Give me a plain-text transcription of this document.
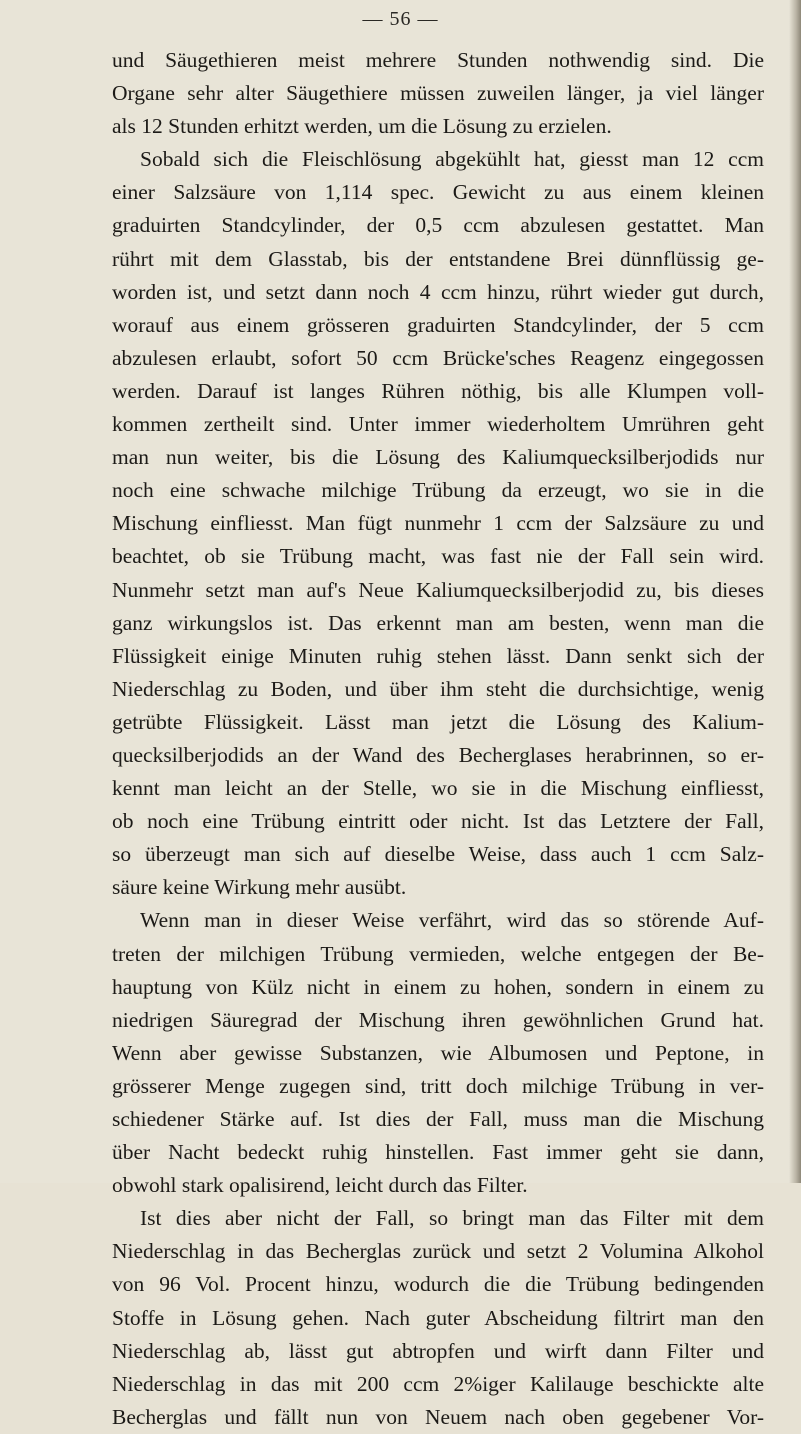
— 56 —
und Säugethieren meist mehrere Stunden nothwendig sind. Die
Organe sehr alter Säugethiere müssen zuweilen länger, ja viel länger
als 12 Stunden erhitzt werden, um die Lösung zu erzielen.
Sobald sich die Fleischlösung abgekühlt hat, giesst man 12 ccm
einer Salzsäure von 1,114 spec. Gewicht zu aus einem kleinen
graduirten Standcylinder, der 0,5 ccm abzulesen gestattet. Man
rührt mit dem Glasstab, bis der entstandene Brei dünnflüssig ge-
worden ist, und setzt dann noch 4 ccm hinzu, rührt wieder gut durch,
worauf aus einem grösseren graduirten Standcylinder, der 5 ccm
abzulesen erlaubt, sofort 50 ccm Brücke'sches Reagenz eingegossen
werden. Darauf ist langes Rühren nöthig, bis alle Klumpen voll-
kommen zertheilt sind. Unter immer wiederholtem Umrühren geht
man nun weiter, bis die Lösung des Kaliumquecksilberjodids nur
noch eine schwache milchige Trübung da erzeugt, wo sie in die
Mischung einfliesst. Man fügt nunmehr 1 ccm der Salzsäure zu und
beachtet, ob sie Trübung macht, was fast nie der Fall sein wird.
Nunmehr setzt man auf's Neue Kaliumquecksilberjodid zu, bis dieses
ganz wirkungslos ist. Das erkennt man am besten, wenn man die
Flüssigkeit einige Minuten ruhig stehen lässt. Dann senkt sich der
Niederschlag zu Boden, und über ihm steht die durchsichtige, wenig
getrübte Flüssigkeit. Lässt man jetzt die Lösung des Kalium-
quecksilberjodids an der Wand des Becherglases herabrinnen, so er-
kennt man leicht an der Stelle, wo sie in die Mischung einfliesst,
ob noch eine Trübung eintritt oder nicht. Ist das Letztere der Fall,
so überzeugt man sich auf dieselbe Weise, dass auch 1 ccm Salz-
säure keine Wirkung mehr ausübt.
Wenn man in dieser Weise verfährt, wird das so störende Auf-
treten der milchigen Trübung vermieden, welche entgegen der Be-
hauptung von Külz nicht in einem zu hohen, sondern in einem zu
niedrigen Säuregrad der Mischung ihren gewöhnlichen Grund hat.
Wenn aber gewisse Substanzen, wie Albumosen und Peptone, in
grösserer Menge zugegen sind, tritt doch milchige Trübung in ver-
schiedener Stärke auf. Ist dies der Fall, muss man die Mischung
über Nacht bedeckt ruhig hinstellen. Fast immer geht sie dann,
obwohl stark opalisirend, leicht durch das Filter.
Ist dies aber nicht der Fall, so bringt man das Filter mit dem
Niederschlag in das Becherglas zurück und setzt 2 Volumina Alkohol
von 96 Vol. Procent hinzu, wodurch die die Trübung bedingenden
Stoffe in Lösung gehen. Nach guter Abscheidung filtrirt man den
Niederschlag ab, lässt gut abtropfen und wirft dann Filter und
Niederschlag in das mit 200 ccm 2%iger Kalilauge beschickte alte
Becherglas und fällt nun von Neuem nach oben gegebener Vor-
